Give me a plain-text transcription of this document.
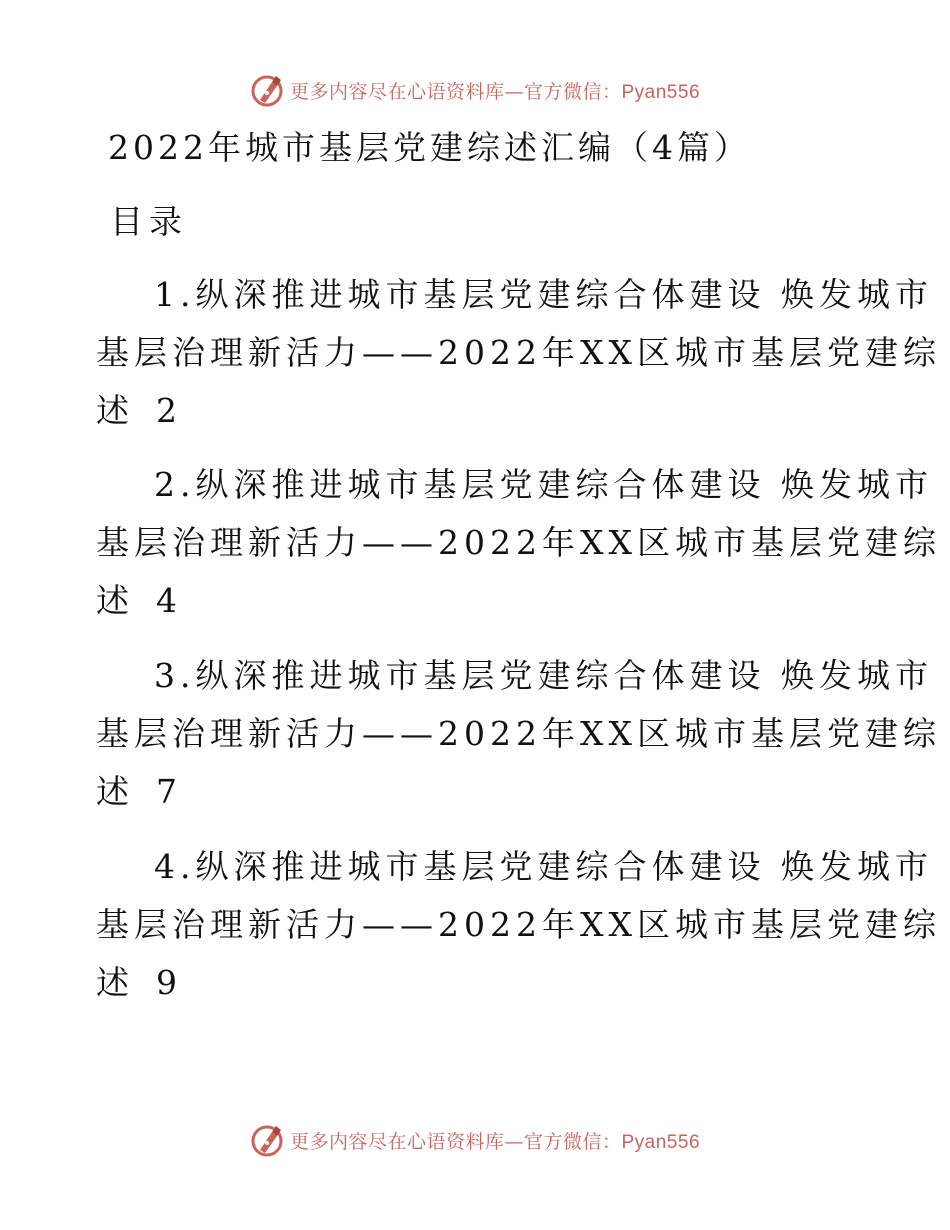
更多内容尽在心语资料库—官方微信：Pyan556
2022年城市基层党建综述汇编（4篇）
目录
1.纵深推进城市基层党建综合体建设 焕发城市
基层治理新活力——2022年XX区城市基层党建综
述 2
2.纵深推进城市基层党建综合体建设 焕发城市
基层治理新活力——2022年XX区城市基层党建综
述 4
3.纵深推进城市基层党建综合体建设 焕发城市
基层治理新活力——2022年XX区城市基层党建综
述 7
4.纵深推进城市基层党建综合体建设 焕发城市
基层治理新活力——2022年XX区城市基层党建综
述 9
更多内容尽在心语资料库—官方微信：Pyan556
